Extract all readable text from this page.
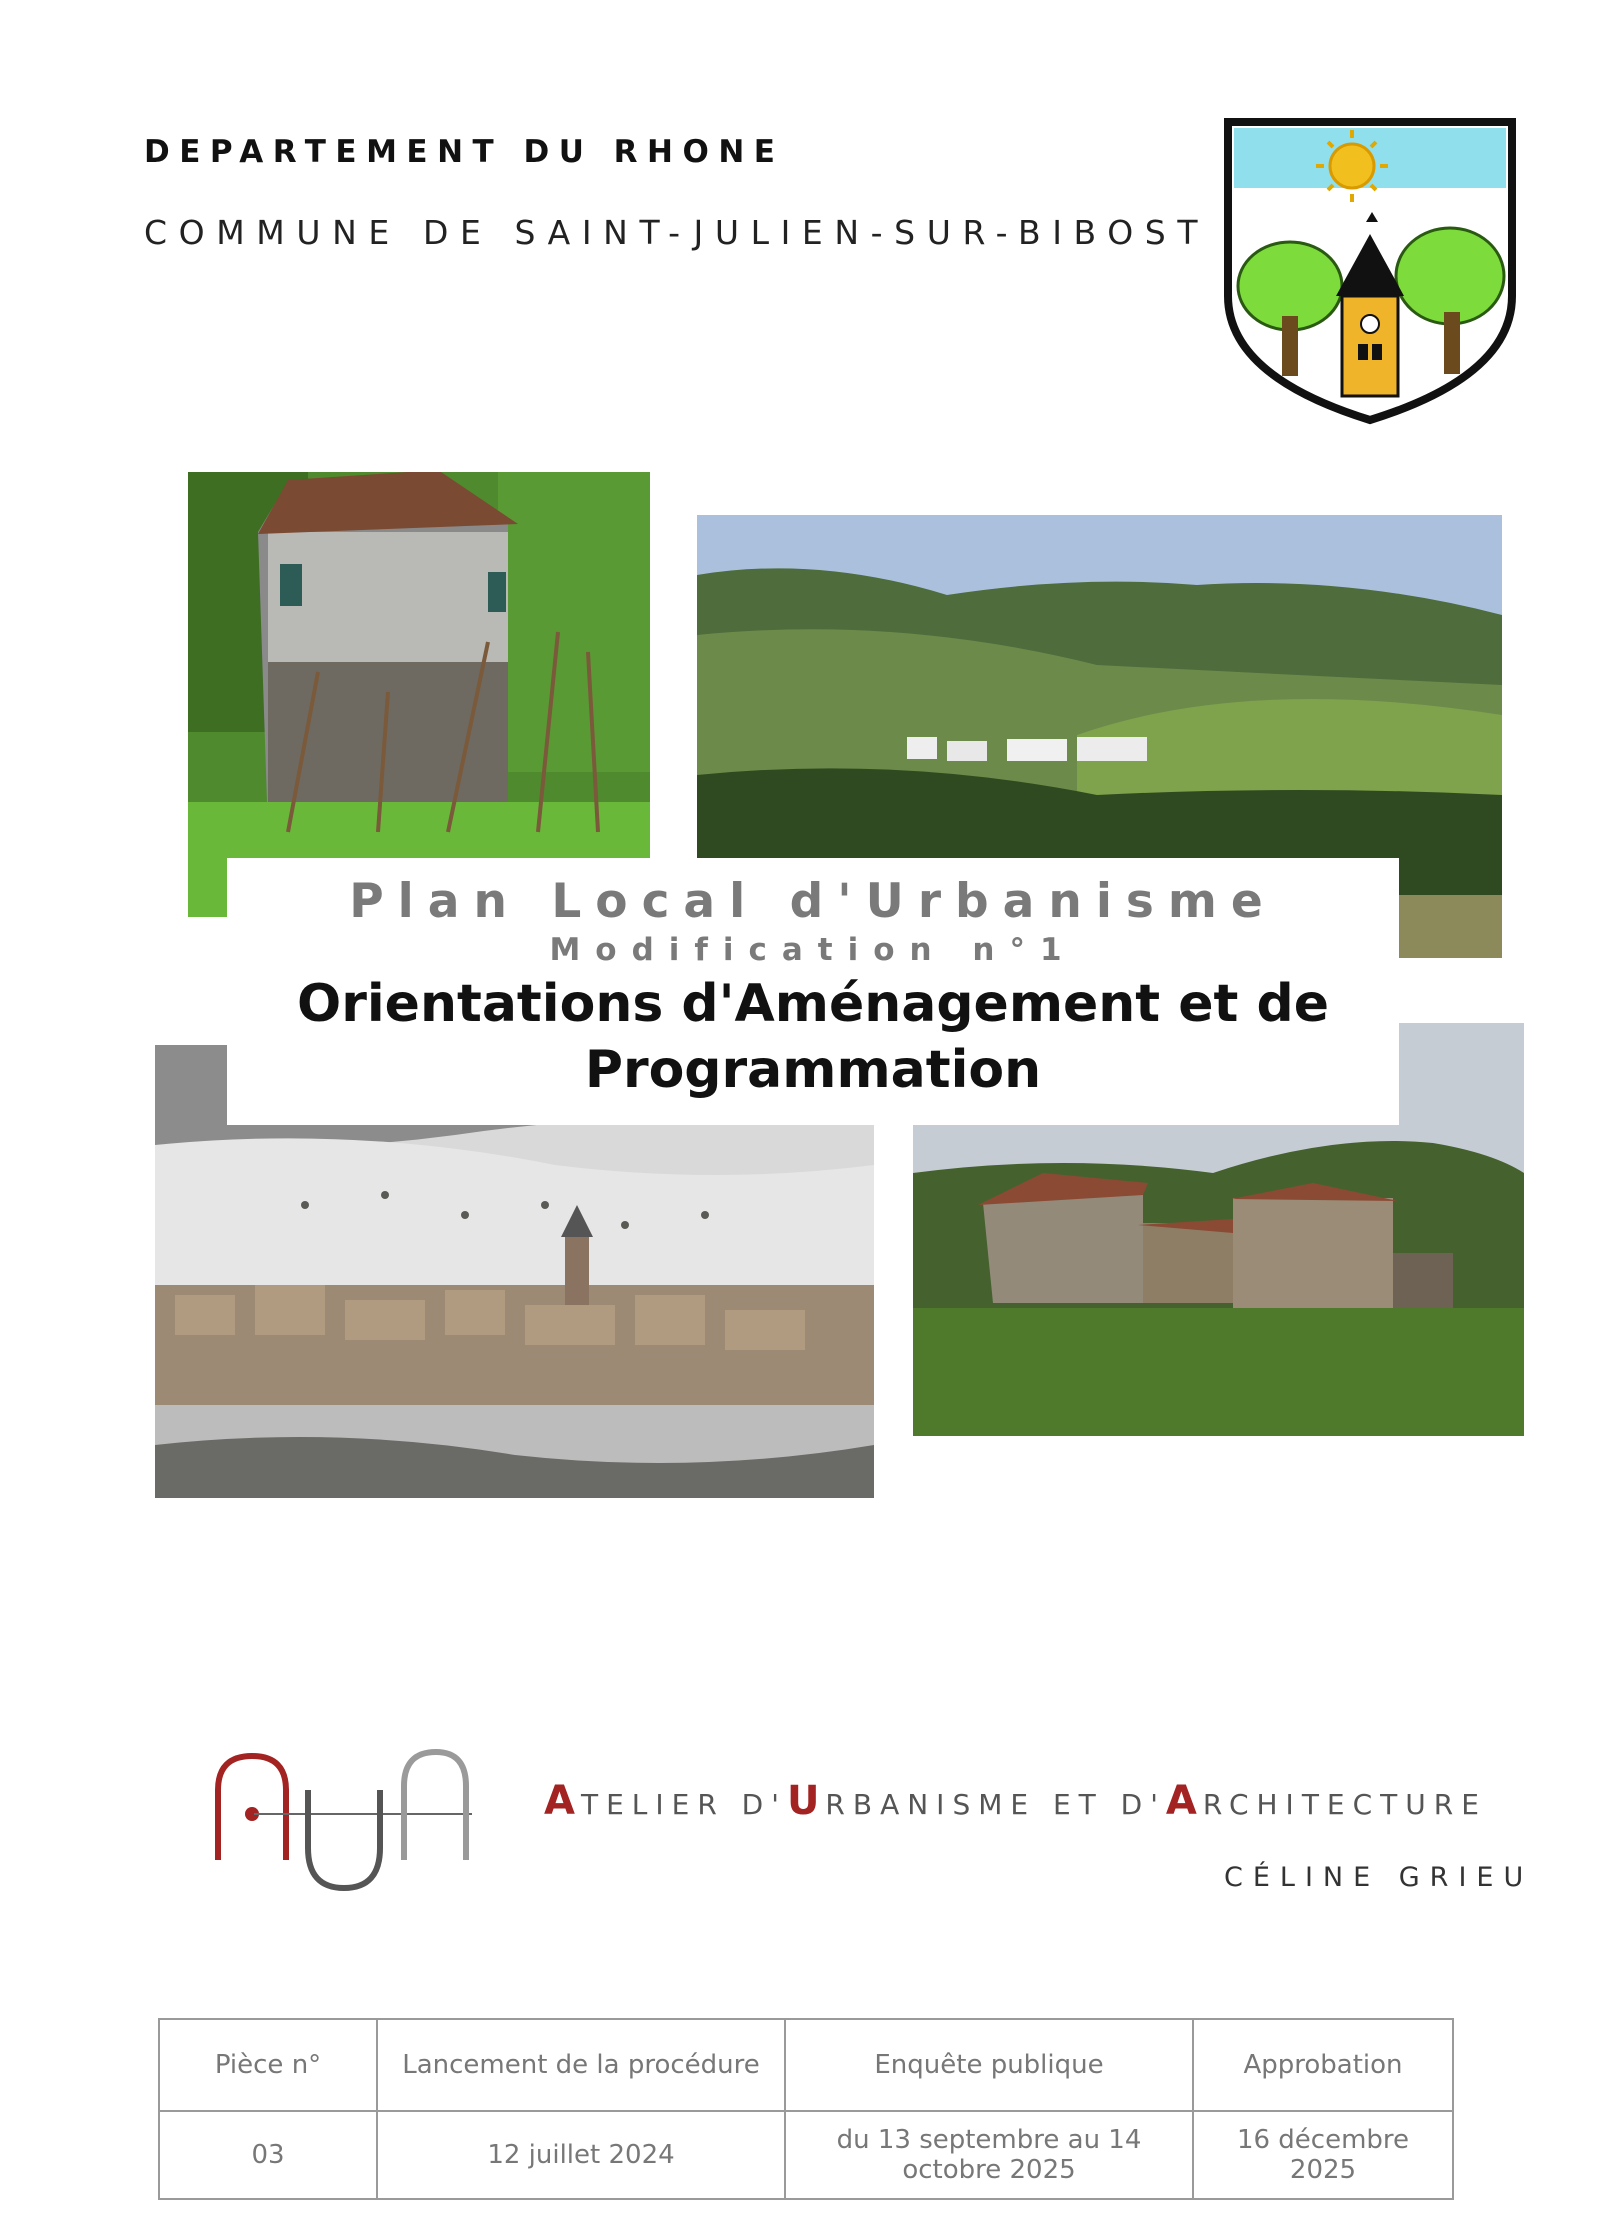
DEPARTEMENT DU RHONE
COMMUNE DE SAINT-JULIEN-SUR-BIBOST
Plan Local d'Urbanisme
Modification n°1
Orientations d'Aménagement et de Programmation
ATELIER D'URBANISME ET D'ARCHITECTURE
CÉLINE GRIEU
Pièce n°	Lancement de la procédure	Enquête publique	Approbation
03	12 juillet 2024	du 13 septembre au 14 octobre 2025	16 décembre 2025
